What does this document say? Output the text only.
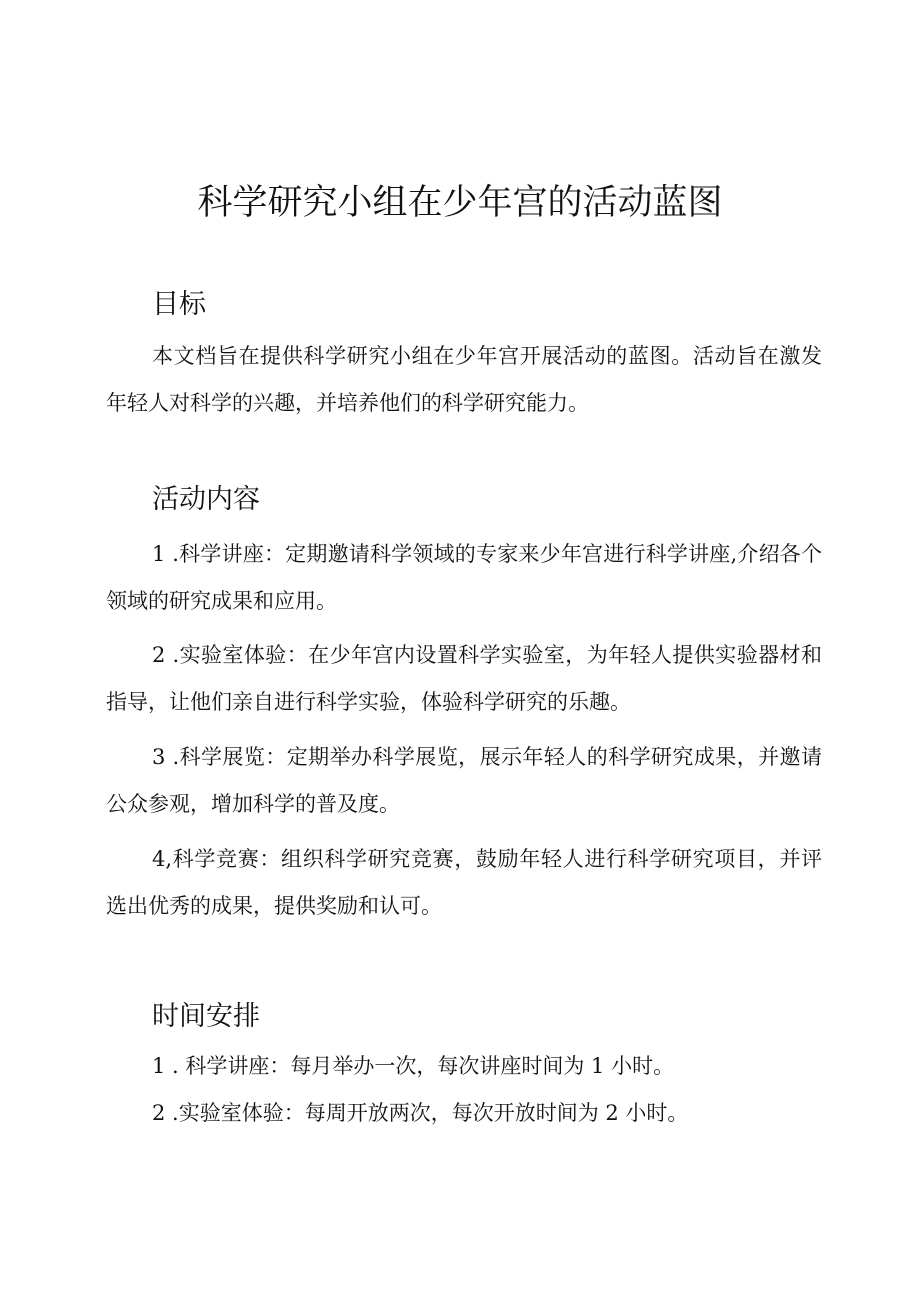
科学研究小组在少年宫的活动蓝图
目标

本文档旨在提供科学研究小组在少年宫开展活动的蓝图。活动旨在激发年轻人对科学的兴趣，并培养他们的科学研究能力。

活动内容

1 .科学讲座：定期邀请科学领域的专家来少年宫进行科学讲座,介绍各个领域的研究成果和应用。

2 .实验室体验：在少年宫内设置科学实验室，为年轻人提供实验器材和指导，让他们亲自进行科学实验，体验科学研究的乐趣。

3 .科学展览：定期举办科学展览，展示年轻人的科学研究成果，并邀请公众参观，增加科学的普及度。

4,科学竞赛：组织科学研究竞赛，鼓励年轻人进行科学研究项目，并评选出优秀的成果，提供奖励和认可。

时间安排

1 . 科学讲座：每月举办一次，每次讲座时间为 1 小时。

2 .实验室体验：每周开放两次，每次开放时间为 2 小时。
